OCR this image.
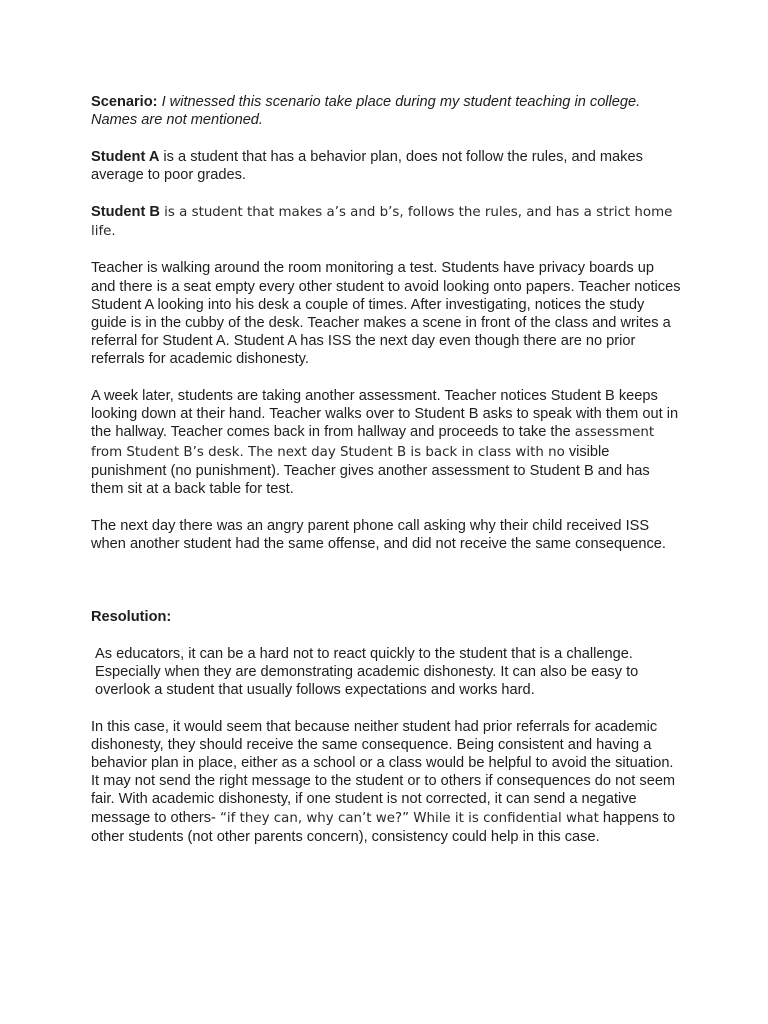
Scenario: I witnessed this scenario take place during my student teaching in college. Names are not mentioned.

Student A is a student that has a behavior plan, does not follow the rules, and makes average to poor grades.

Student B is a student that makes a’s and b’s, follows the rules, and has a strict home life.

Teacher is walking around the room monitoring a test. Students have privacy boards up and there is a seat empty every other student to avoid looking onto papers. Teacher notices Student A looking into his desk a couple of times. After investigating, notices the study guide is in the cubby of the desk. Teacher makes a scene in front of the class and writes a referral for Student A. Student A has ISS the next day even though there are no prior referrals for academic dishonesty.

A week later, students are taking another assessment. Teacher notices Student B keeps looking down at their hand. Teacher walks over to Student B asks to speak with them out in the hallway. Teacher comes back in from hallway and proceeds to take the assessment from Student B’s desk. The next day Student B is back in class with no visible punishment (no punishment). Teacher gives another assessment to Student B and has them sit at a back table for test.

The next day there was an angry parent phone call asking why their child received ISS when another student had the same offense, and did not receive the same consequence.

Resolution:

As educators, it can be a hard not to react quickly to the student that is a challenge. Especially when they are demonstrating academic dishonesty. It can also be easy to overlook a student that usually follows expectations and works hard.

In this case, it would seem that because neither student had prior referrals for academic dishonesty, they should receive the same consequence. Being consistent and having a behavior plan in place, either as a school or a class would be helpful to avoid the situation. It may not send the right message to the student or to others if consequences do not seem fair. With academic dishonesty, if one student is not corrected, it can send a negative message to others- “if they can, why can’t we?” While it is confidential what happens to other students (not other parents concern), consistency could help in this case.
